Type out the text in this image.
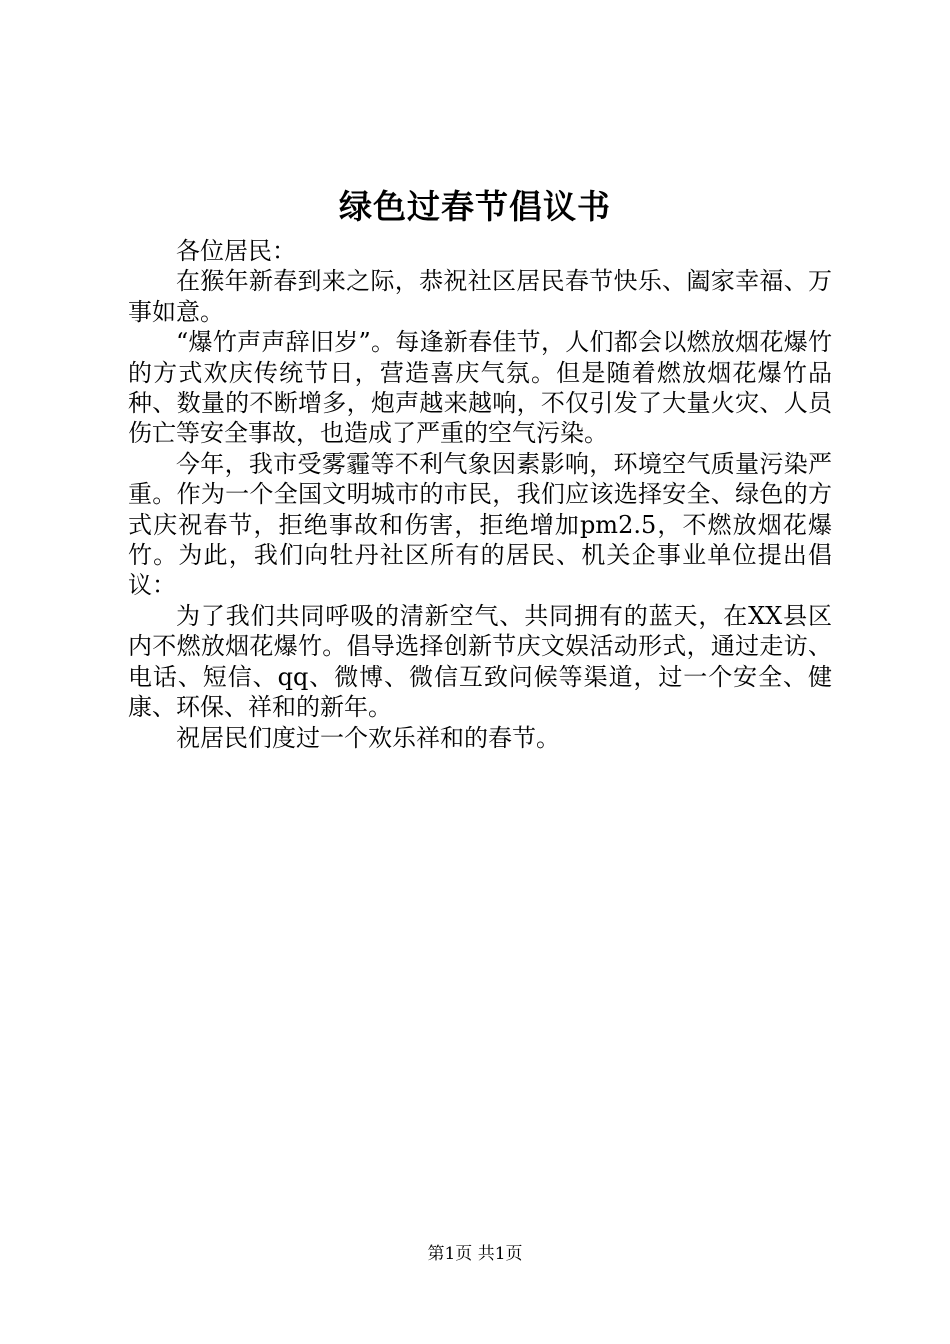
绿色过春节倡议书

各位居民：

在猴年新春到来之际，恭祝社区居民春节快乐、阖家幸福、万事如意。

“爆竹声声辞旧岁”。每逢新春佳节，人们都会以燃放烟花爆竹的方式欢庆传统节日，营造喜庆气氛。但是随着燃放烟花爆竹品种、数量的不断增多，炮声越来越响，不仅引发了大量火灾、人员伤亡等安全事故，也造成了严重的空气污染。

今年，我市受雾霾等不利气象因素影响，环境空气质量污染严重。作为一个全国文明城市的市民，我们应该选择安全、绿色的方式庆祝春节，拒绝事故和伤害，拒绝增加pm2.5，不燃放烟花爆竹。为此，我们向牡丹社区所有的居民、机关企事业单位提出倡议：

为了我们共同呼吸的清新空气、共同拥有的蓝天，在XX县区内不燃放烟花爆竹。倡导选择创新节庆文娱活动形式，通过走访、电话、短信、qq、微博、微信互致问候等渠道，过一个安全、健康、环保、祥和的新年。

祝居民们度过一个欢乐祥和的春节。

第1页 共1页
